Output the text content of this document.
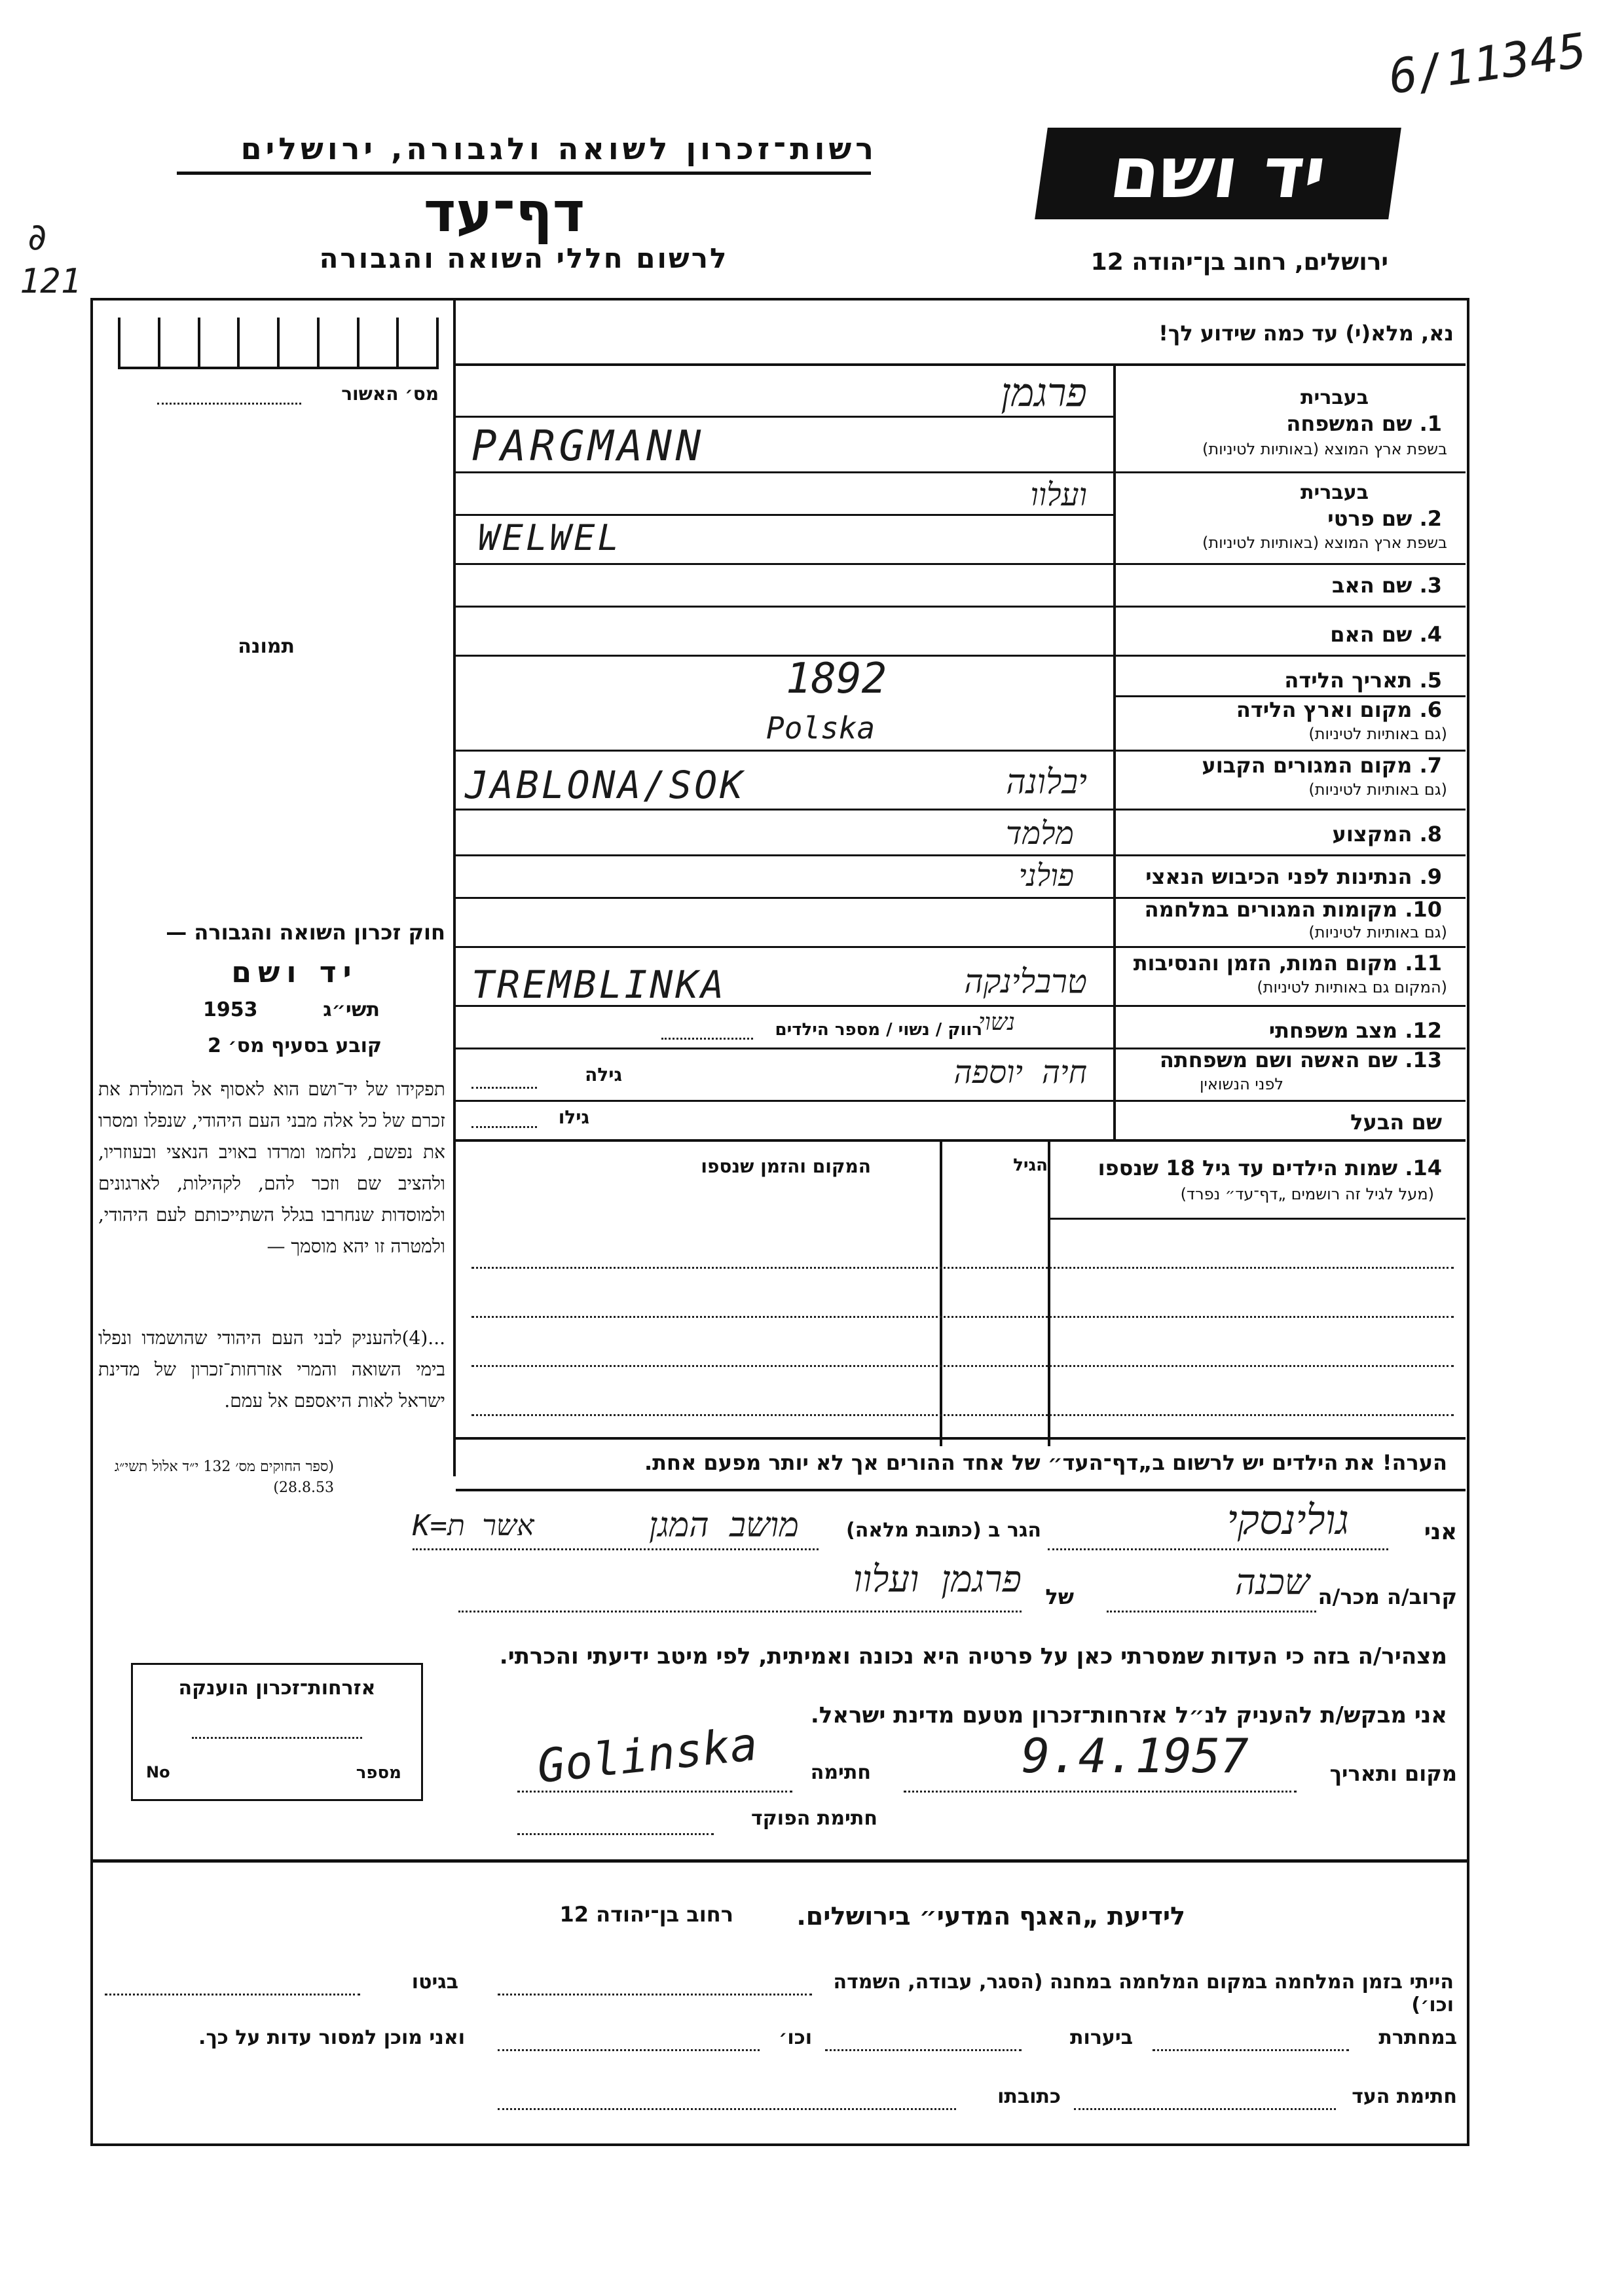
6/11345
∂
121
רשות־זכרון לשואה ולגבורה, ירושלים	יד ושם
דף־עד
לרשום חללי השואה והגבורה	ירושלים, רחוב בן־יהודה 12
נא, מלא(י) עד כמה שידוע לך!
מס׳ האשור
תמונה
חוק זכרון השואה והגבורה —
יד ושם
תשי״ג
1953
קובע בסעיף מס׳ 2
תפקידו של יד־ושם הוא לאסוף אל המולדת את זכרם של כל אלה מבני העם היהודי, שנפלו ומסרו את נפשם, נלחמו ומרדו באויב הנאצי ובעוזריו, ולהציב שם וזכר להם, לקהילות, לארגונים ולמוסדות שנחרבו בגלל השתייכותם לעם היהודי, ולמטרה זו יהא מוסמך —
...(4)להעניק לבני העם היהודי שהושמדו ונפלו בימי השואה והמרי אזרחות־זכרון של מדינת ישראל לאות היאספם אל עמם.
(ספר החוקים מס׳ 132 י״ד אלול תשי״ג 28.8.53)
אזרחות־זכרון הוענקה
מספר
No
בעברית
1. שם המשפחה
בשפת ארץ המוצא (באותיות לטיניות)
פרגמן
PARGMANN
בעברית
2. שם פרטי
בשפת ארץ המוצא (באותיות לטיניות)
ועלוו
WELWEL
3. שם האב
4. שם האם
5. תאריך הלידה
1892
6. מקום וארץ הלידה
(גם באותיות לטיניות)
Polska
7. מקום המגורים הקבוע
(גם באותיות לטיניות)
JABLONA/SOK	יבלונה
8. המקצוע
מלמד
9. הנתינות לפני הכיבוש הנאצי
פולני
10. מקומות המגורים במלחמה
(גם באותיות לטיניות)
11. מקום המות, הזמן והנסיבות
(המקום גם באותיות לטיניות)
TREMBLINKA	טרבלינקה
12. מצב משפחתי
רווק / נשוי / מספר הילדים
נשוי
13. שם האשה ושם משפחתה
לפני הנשואין
חיה יוספה
גילה
שם הבעל
גילו
14. שמות הילדים עד גיל 18 שנספו
(מעל לגיל זה רושמים „דף־עד״ נפרד)
הגיל
המקום והזמן שנספו
הערה! את הילדים יש לרשום ב„דף־העד״ של אחד ההורים אך לא יותר מפעם אחת.
אני
גולינסקי
הגר ב (כתובת מלאה)
מושב המגן
K=אשר ת
קרוב/ה מכר/ה
שכנה
של
פרגמן ועלוו
מצהיר/ה בזה כי העדות שמסרתי כאן על פרטיה היא נכונה ואמיתית, לפי מיטב ידיעתי והכרתי.
אני מבקש/ת להעניק לנ״ל אזרחות־זכרון מטעם מדינת ישראל.
מקום ותאריך
9.4.1957
חתימה
Golinska
חתימת הפוקד
לידיעת „האגף המדעי״ בירושלים.
רחוב בן־יהודה 12
הייתי בזמן המלחמה במקום המלחמה במחנה (הסגר, עבודה, השמדה וכו׳)
בגיטו
במחתרת
ביערות
וכו׳
ואני מוכן למסור עדות על כך.
חתימת העד
כתובתו
